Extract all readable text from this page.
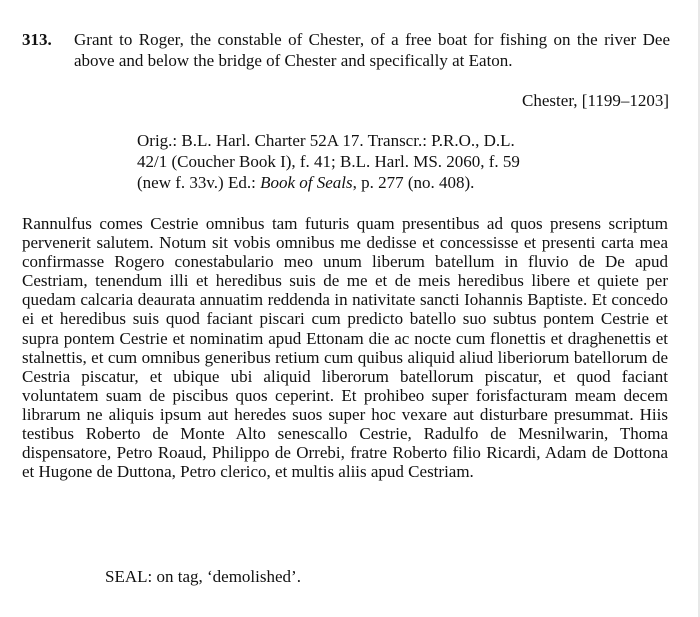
313. Grant to Roger, the constable of Chester, of a free boat for fishing on the river Dee above and below the bridge of Chester and specifically at Eaton.
Chester, [1199–1203]
Orig.: B.L. Harl. Charter 52A 17. Transcr.: P.R.O., D.L.
42/1 (Coucher Book I), f. 41; B.L. Harl. MS. 2060, f. 59
(new f. 33v.) Ed.: Book of Seals, p. 277 (no. 408).
Rannulfus comes Cestrie omnibus tam futuris quam presentibus ad quos presens scriptum pervenerit salutem. Notum sit vobis omnibus me dedisse et concessisse et presenti carta mea confirmasse Rogero conestabulario meo unum liberum batellum in fluvio de De apud Cestriam, tenendum illi et heredibus suis de me et de meis heredibus libere et quiete per quedam calcaria deaurata annuatim reddenda in nativitate sancti Iohannis Baptiste. Et concedo ei et heredibus suis quod faciant piscari cum predicto batello suo subtus pontem Cestrie et supra pontem Cestrie et nominatim apud Ettonam die ac nocte cum flonettis et draghenettis et stalnettis, et cum omnibus generibus retium cum quibus aliquid aliud liberiorum batellorum de Cestria piscatur, et ubique ubi aliquid liberorum batellorum piscatur, et quod faciant voluntatem suam de piscibus quos ceperint. Et prohibeo super forisfacturam meam decem librarum ne aliquis ipsum aut heredes suos super hoc vexare aut disturbare presummat. Hiis testibus Roberto de Monte Alto senescallo Cestrie, Radulfo de Mesnilwarin, Thoma dispensatore, Petro Roaud, Philippo de Orrebi, fratre Roberto filio Ricardi, Adam de Dottona et Hugone de Duttona, Petro clerico, et multis aliis apud Cestriam.
SEAL: on tag, ‘demolished’.
